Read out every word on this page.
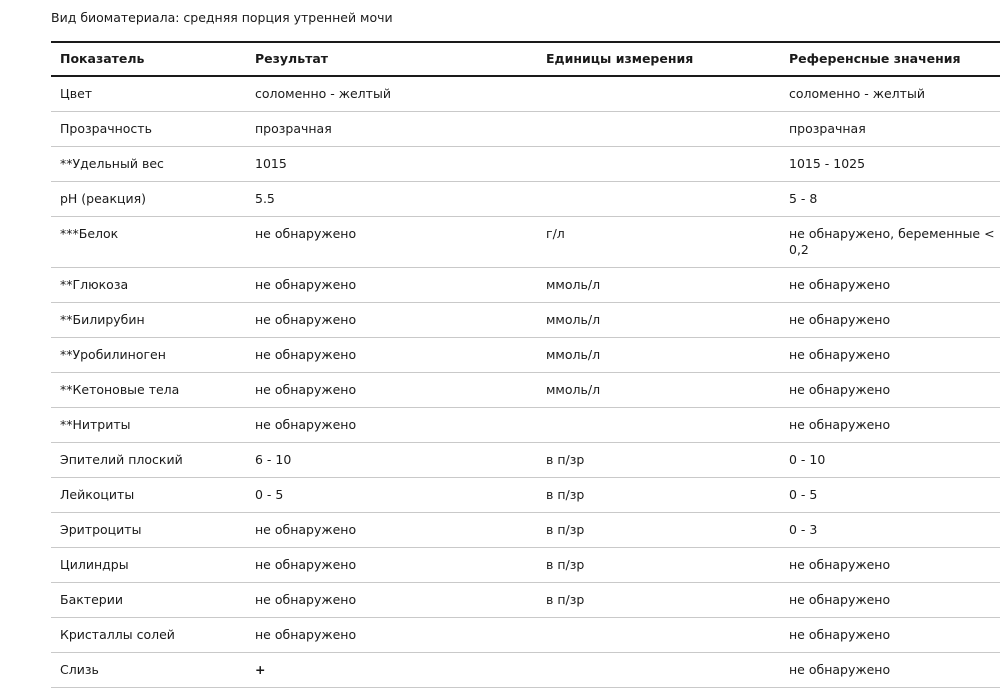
Вид биоматериала: средняя порция утренней мочи
Показатель	Результат	Единицы измерения	Референсные значения
Цвет	соломенно - желтый		соломенно - желтый
Прозрачность	прозрачная		прозрачная
**Удельный вес	1015		1015 - 1025
pH (реакция)	5.5		5 - 8
***Белок	не обнаружено	г/л	не обнаружено, беременные < 0,2
**Глюкоза	не обнаружено	ммоль/л	не обнаружено
**Билирубин	не обнаружено	ммоль/л	не обнаружено
**Уробилиноген	не обнаружено	ммоль/л	не обнаружено
**Кетоновые тела	не обнаружено	ммоль/л	не обнаружено
**Нитриты	не обнаружено		не обнаружено
Эпителий плоский	6 - 10	в п/зр	0 - 10
Лейкоциты	0 - 5	в п/зр	0 - 5
Эритроциты	не обнаружено	в п/зр	0 - 3
Цилиндры	не обнаружено	в п/зр	не обнаружено
Бактерии	не обнаружено	в п/зр	не обнаружено
Кристаллы солей	не обнаружено		не обнаружено
Слизь	+		не обнаружено
